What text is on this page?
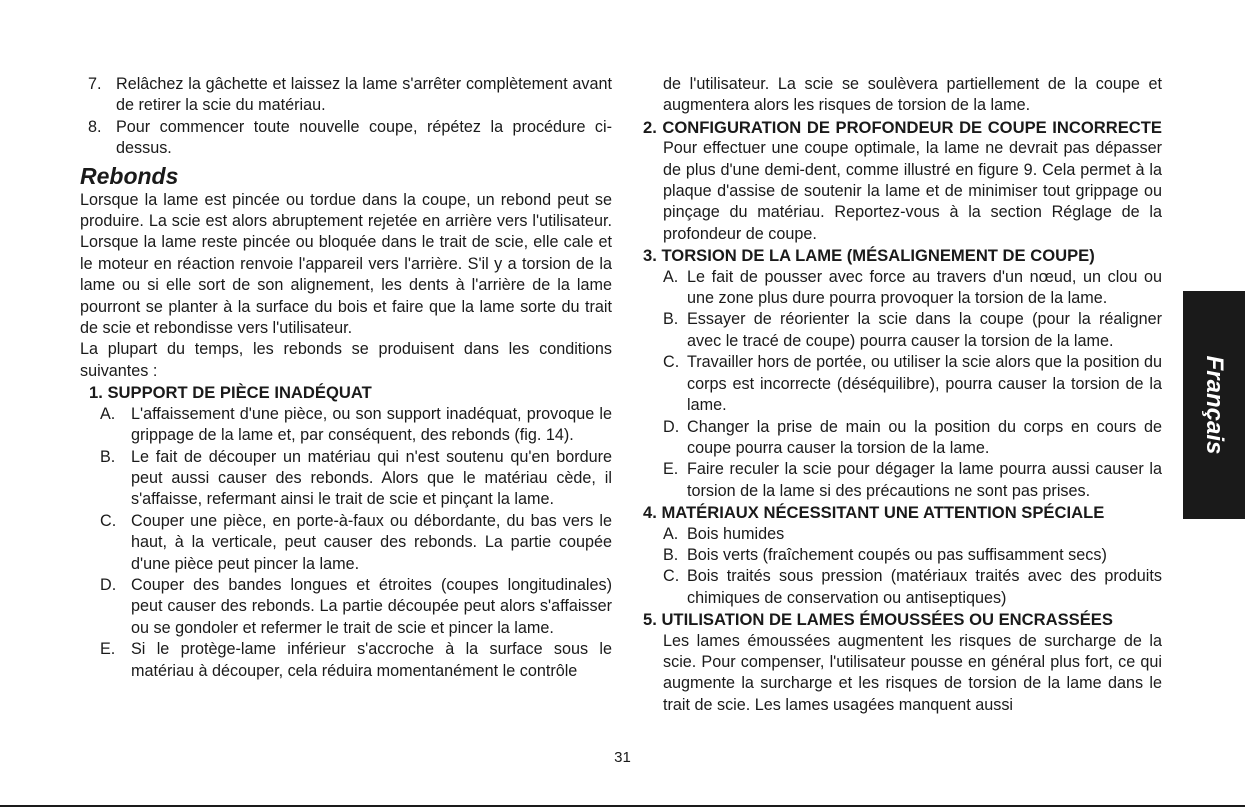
7. Relâchez la gâchette et laissez la lame s'arrêter complètement avant de retirer la scie du matériau.

8. Pour commencer toute nouvelle coupe, répétez la procédure ci-dessus.

Rebonds

Lorsque la lame est pincée ou tordue dans la coupe, un rebond peut se produire. La scie est alors abruptement rejetée en arrière vers l'utilisateur. Lorsque la lame reste pincée ou bloquée dans le trait de scie, elle cale et le moteur en réaction renvoie l'appareil vers l'arrière. S'il y a torsion de la lame ou si elle sort de son alignement, les dents à l'arrière de la lame pourront se planter à la surface du bois et faire que la lame sorte du trait de scie et rebondisse vers l'utilisateur.

La plupart du temps, les rebonds se produisent dans les conditions suivantes :

1. SUPPORT DE PIÈCE INADÉQUAT
A. L'affaissement d'une pièce, ou son support inadéquat, provoque le grippage de la lame et, par conséquent, des rebonds (fig. 14).

B. Le fait de découper un matériau qui n'est soutenu qu'en bordure peut aussi causer des rebonds. Alors que le matériau cède, il s'affaisse, refermant ainsi le trait de scie et pinçant la lame.

C. Couper une pièce, en porte-à-faux ou débordante, du bas vers le haut, à la verticale, peut causer des rebonds. La partie coupée d'une pièce peut pincer la lame.

D. Couper des bandes longues et étroites (coupes longitudinales) peut causer des rebonds. La partie découpée peut alors s'affaisser ou se gondoler et refermer le trait de scie et pincer la lame.

E. Si le protège-lame inférieur s'accroche à la surface sous le matériau à découper, cela réduira momentanément le contrôle

de l'utilisateur. La scie se soulèvera partiellement de la coupe et augmentera alors les risques de torsion de la lame.

2. CONFIGURATION DE PROFONDEUR DE COUPE INCORRECTE

Pour effectuer une coupe optimale, la lame ne devrait pas dépasser de plus d'une demi-dent, comme illustré en figure 9. Cela permet à la plaque d'assise de soutenir la lame et de minimiser tout grippage ou pinçage du matériau. Reportez-vous à la section Réglage de la profondeur de coupe.

3. TORSION DE LA LAME (MÉSALIGNEMENT DE COUPE)
A. Le fait de pousser avec force au travers d'un nœud, un clou ou une zone plus dure pourra provoquer la torsion de la lame.

B. Essayer de réorienter la scie dans la coupe (pour la réaligner avec le tracé de coupe) pourra causer la torsion de la lame.

C. Travailler hors de portée, ou utiliser la scie alors que la position du corps est incorrecte (déséquilibre), pourra causer la torsion de la lame.

D. Changer la prise de main ou la position du corps en cours de coupe pourra causer la torsion de la lame.

E. Faire reculer la scie pour dégager la lame pourra aussi causer la torsion de la lame si des précautions ne sont pas prises.

4. MATÉRIAUX NÉCESSITANT UNE ATTENTION SPÉCIALE
A. Bois humides

B. Bois verts (fraîchement coupés ou pas suffisamment secs)

C. Bois traités sous pression (matériaux traités avec des produits chimiques de conservation ou antiseptiques)

5. UTILISATION DE LAMES ÉMOUSSÉES OU ENCRASSÉES

Les lames émoussées augmentent les risques de surcharge de la scie. Pour compenser, l'utilisateur pousse en général plus fort, ce qui augmente la surcharge et les risques de torsion de la lame dans le trait de scie. Les lames usagées manquent aussi

Français
31
